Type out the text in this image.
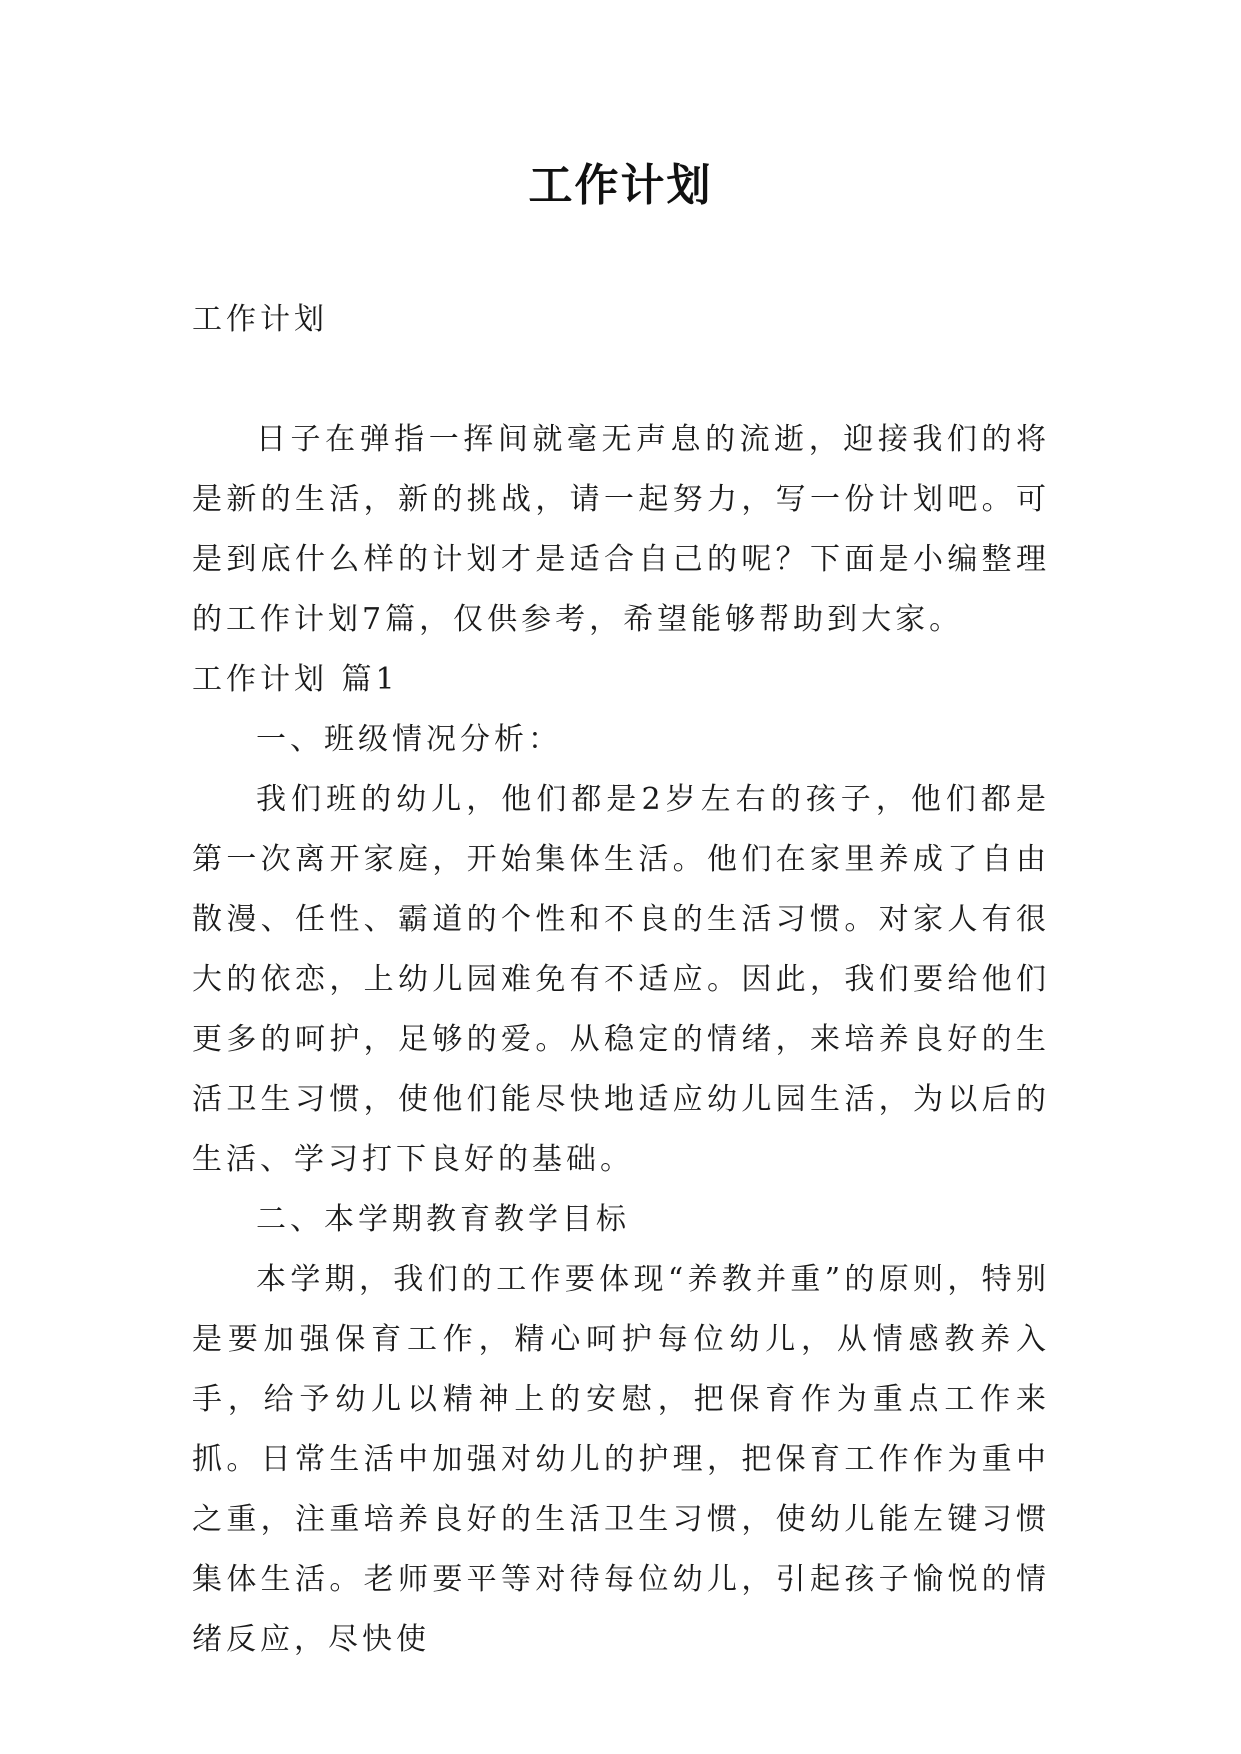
工作计划

工作计划

日子在弹指一挥间就毫无声息的流逝，迎接我们的将是新的生活，新的挑战，请一起努力，写一份计划吧。可是到底什么样的计划才是适合自己的呢？下面是小编整理的工作计划7篇，仅供参考，希望能够帮助到大家。

工作计划 篇1

一、班级情况分析：

我们班的幼儿，他们都是2岁左右的孩子，他们都是第一次离开家庭，开始集体生活。他们在家里养成了自由散漫、任性、霸道的个性和不良的生活习惯。对家人有很大的依恋，上幼儿园难免有不适应。因此，我们要给他们更多的呵护，足够的爱。从稳定的情绪，来培养良好的生活卫生习惯，使他们能尽快地适应幼儿园生活，为以后的生活、学习打下良好的基础。

二、本学期教育教学目标

本学期，我们的工作要体现“养教并重”的原则，特别是要加强保育工作，精心呵护每位幼儿，从情感教养入手，给予幼儿以精神上的安慰，把保育作为重点工作来抓。日常生活中加强对幼儿的护理，把保育工作作为重中之重，注重培养良好的生活卫生习惯，使幼儿能左键习惯集体生活。老师要平等对待每位幼儿，引起孩子愉悦的情绪反应，尽快使
